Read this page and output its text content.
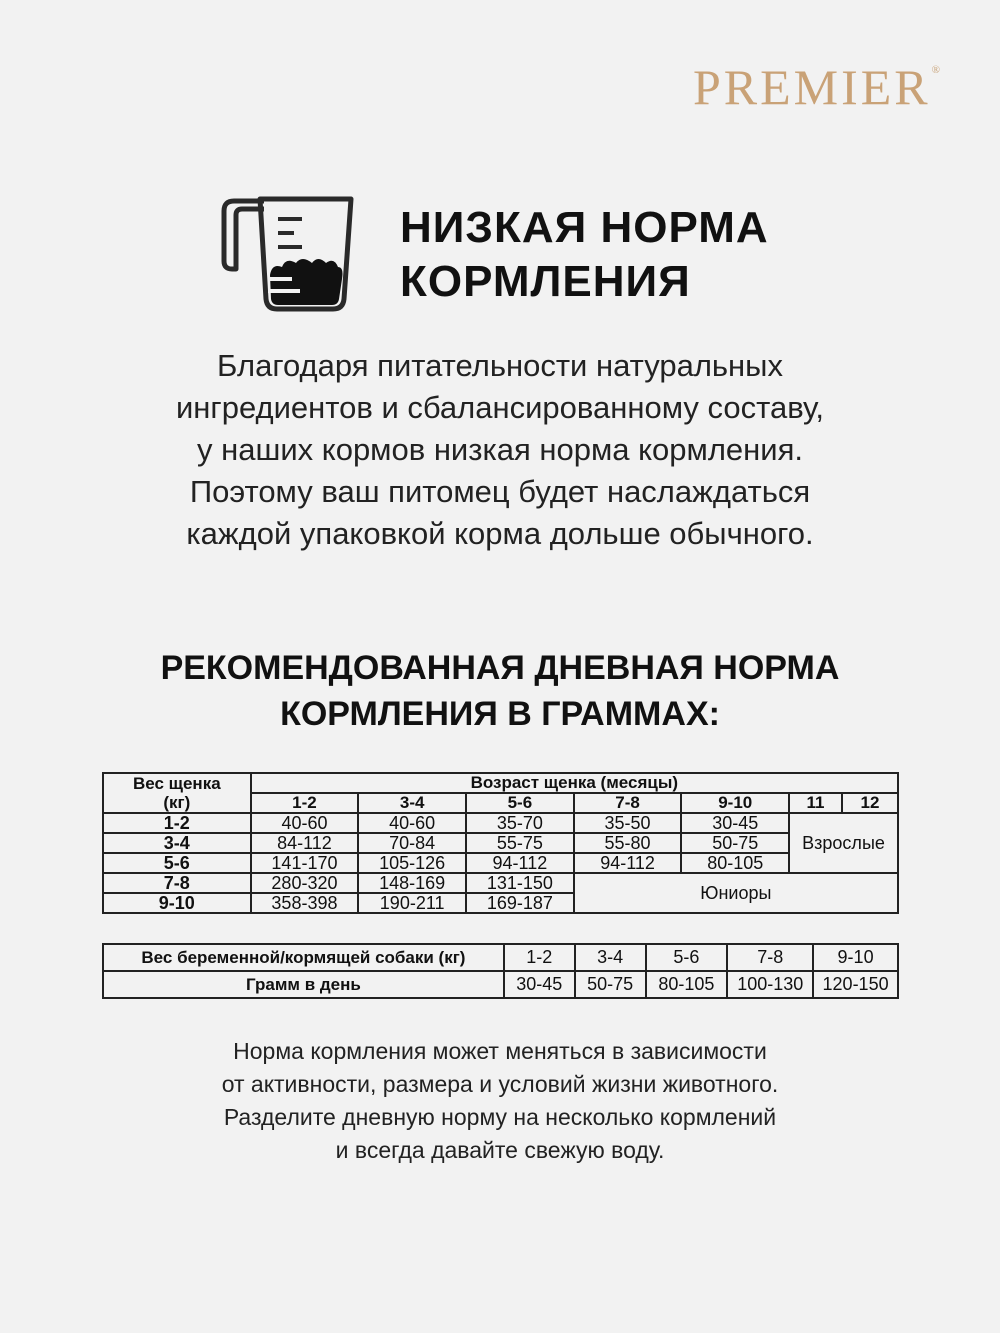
PREMIER®
НИЗКАЯ НОРМА
КОРМЛЕНИЯ
Благодаря питательности натуральных
ингредиентов и сбалансированному составу,
у наших кормов низкая норма кормления.
Поэтому ваш питомец будет наслаждаться
каждой упаковкой корма дольше обычного.
РЕКОМЕНДОВАННАЯ ДНЕВНАЯ НОРМА
КОРМЛЕНИЯ В ГРАММАХ:
Вес щенка
(кг)	Возраст щенка (месяцы)						
	1-2	3-4	5-6	7-8	9-10	11	12
1-2	40-60	40-60	35-70	35-50	30-45	Взрослые	
3-4	84-112	70-84	55-75	55-80	50-75		
5-6	141-170	105-126	94-112	94-112	80-105		
7-8	280-320	148-169	131-150	Юниоры			
9-10	358-398	190-211	169-187				
Вес беременной/кормящей собаки (кг)	1-2	3-4	5-6	7-8	9-10
Грамм в день	30-45	50-75	80-105	100-130	120-150
Норма кормления может меняться в зависимости
от активности, размера и условий жизни животного.
Разделите дневную норму на несколько кормлений
и всегда давайте свежую воду.
